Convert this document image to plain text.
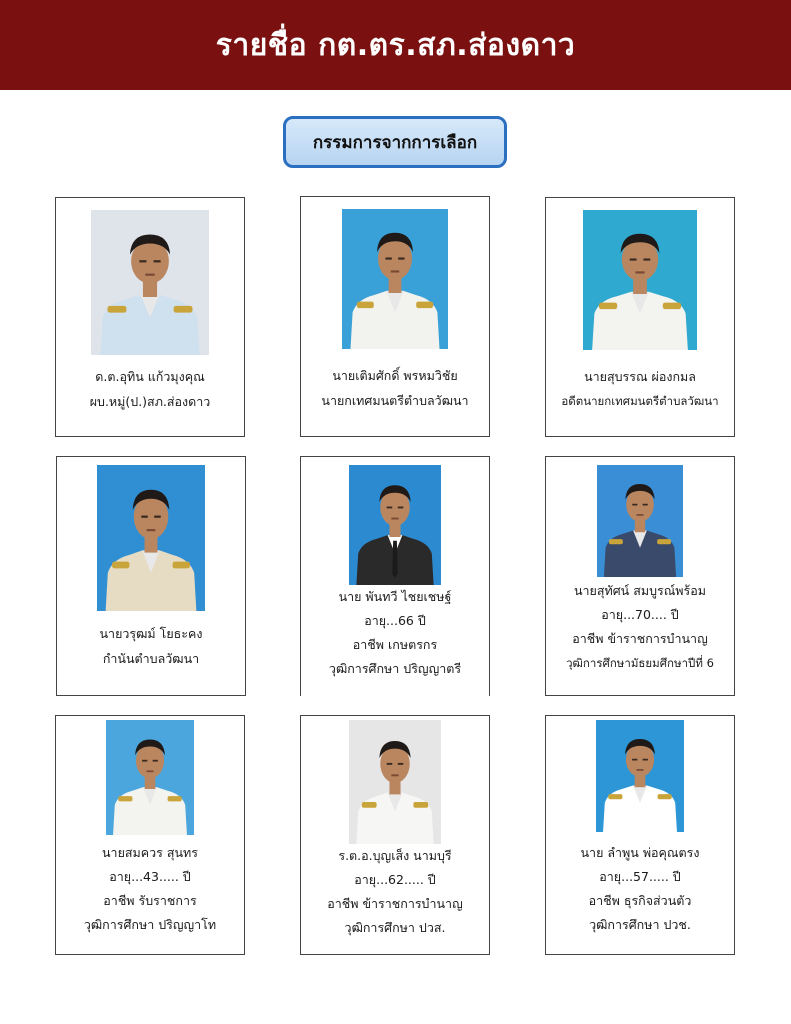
รายชื่อ กต.ตร.สภ.ส่องดาว
กรรมการจากการเลือก
ด.ต.อุทิน แก้วมุงคุณ
ผบ.หมู่(ป.)สภ.ส่องดาว
นายเติมศักดิ์ พรหมวิชัย
นายกเทศมนตรีตำบลวัฒนา
นายสุบรรณ ผ่องกมล
อดีตนายกเทศมนตรีตำบลวัฒนา
นายวรุฒม์ โยธะคง
กำนันตำบลวัฒนา
นาย พันทวี ไชยเชษฐ์
อายุ...66 ปี
อาชีพ เกษตรกร
วุฒิการศึกษา ปริญญาตรี
นายสุทัศน์ สมบูรณ์พร้อม
อายุ...70.... ปี
อาชีพ ข้าราชการบำนาญ
วุฒิการศึกษามัธยมศึกษาปีที่ 6
นายสมควร สุนทร
อายุ...43..... ปี
อาชีพ รับราชการ
วุฒิการศึกษา ปริญญาโท
ร.ต.อ.บุญเส็ง นามบุรี
อายุ...62..... ปี
อาชีพ ข้าราชการบำนาญ
วุฒิการศึกษา ปวส.
นาย ลำพูน พ่อคุณตรง
อายุ...57..... ปี
อาชีพ ธุรกิจส่วนตัว
วุฒิการศึกษา ปวช.
